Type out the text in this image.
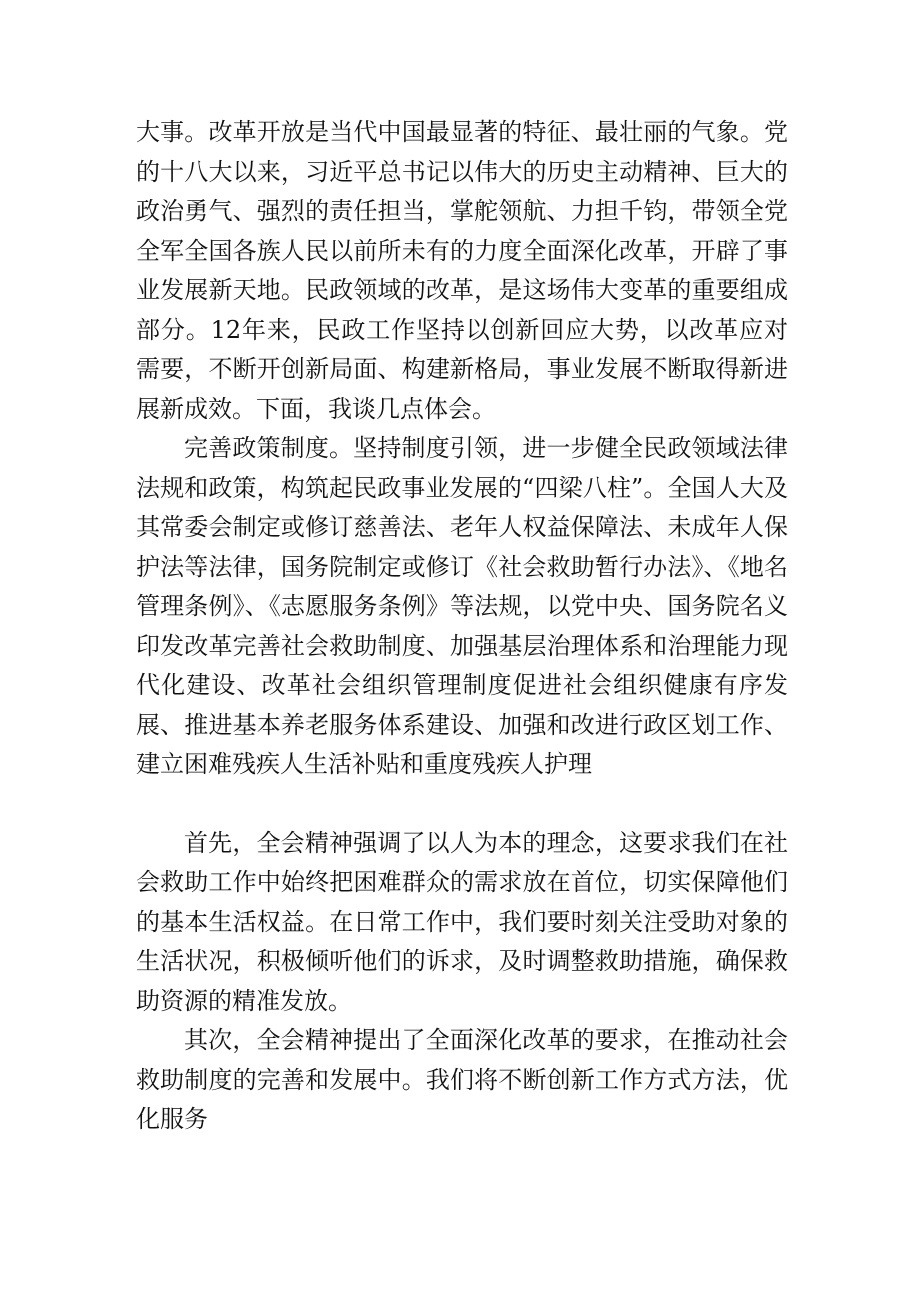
大事。改革开放是当代中国最显著的特征、最壮丽的气象。党的十八大以来，习近平总书记以伟大的历史主动精神、巨大的政治勇气、强烈的责任担当，掌舵领航、力担千钧，带领全党全军全国各族人民以前所未有的力度全面深化改革，开辟了事业发展新天地。民政领域的改革，是这场伟大变革的重要组成部分。12年来，民政工作坚持以创新回应大势，以改革应对需要，不断开创新局面、构建新格局，事业发展不断取得新进展新成效。下面，我谈几点体会。

完善政策制度。坚持制度引领，进一步健全民政领域法律法规和政策，构筑起民政事业发展的“四梁八柱”。全国人大及其常委会制定或修订慈善法、老年人权益保障法、未成年人保护法等法律，国务院制定或修订《社会救助暂行办法》、《地名管理条例》、《志愿服务条例》等法规，以党中央、国务院名义印发改革完善社会救助制度、加强基层治理体系和治理能力现代化建设、改革社会组织管理制度促进社会组织健康有序发展、推进基本养老服务体系建设、加强和改进行政区划工作、建立困难残疾人生活补贴和重度残疾人护理

首先，全会精神强调了以人为本的理念，这要求我们在社会救助工作中始终把困难群众的需求放在首位，切实保障他们的基本生活权益。在日常工作中，我们要时刻关注受助对象的生活状况，积极倾听他们的诉求，及时调整救助措施，确保救助资源的精准发放。

其次，全会精神提出了全面深化改革的要求，在推动社会救助制度的完善和发展中。我们将不断创新工作方式方法，优化服务
